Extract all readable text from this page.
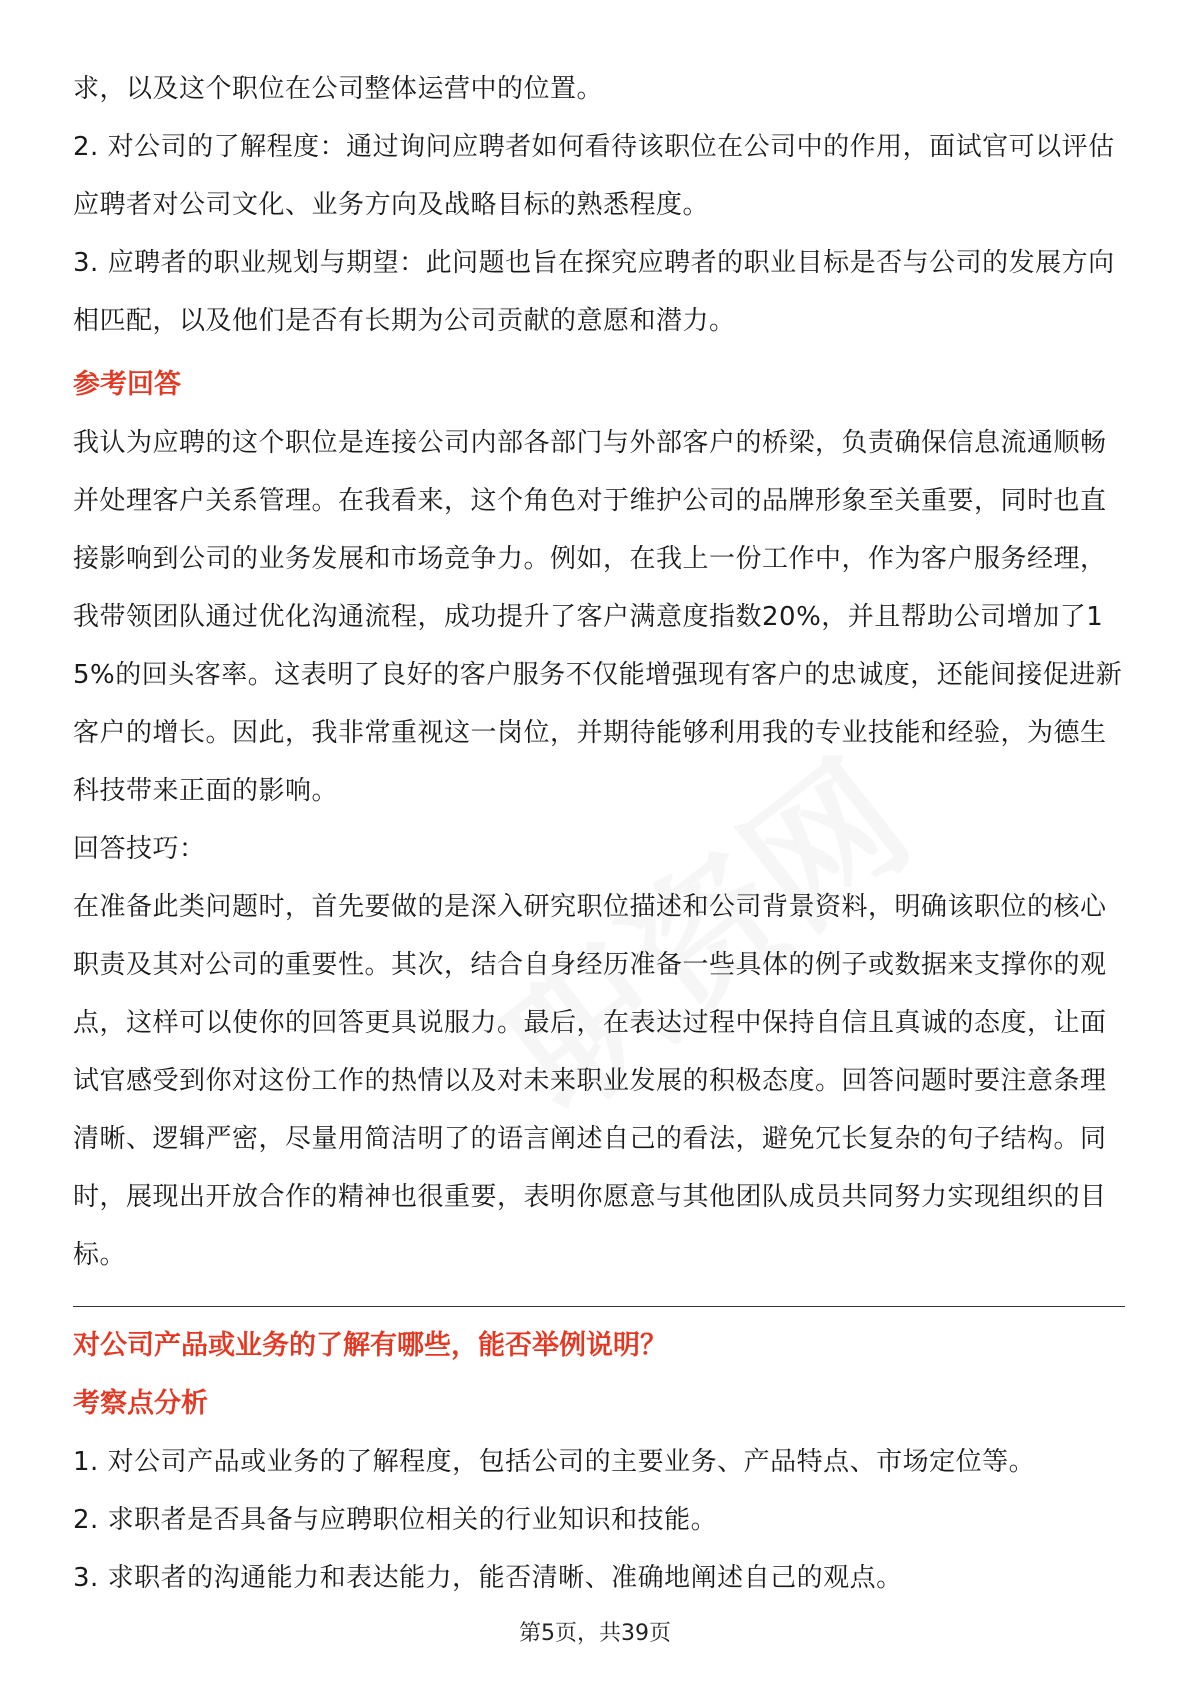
求，以及这个职位在公司整体运营中的位置。

2. 对公司的了解程度：通过询问应聘者如何看待该职位在公司中的作用，面试官可以评估应聘者对公司文化、业务方向及战略目标的熟悉程度。

3. 应聘者的职业规划与期望：此问题也旨在探究应聘者的职业目标是否与公司的发展方向相匹配，以及他们是否有长期为公司贡献的意愿和潜力。

参考回答

我认为应聘的这个职位是连接公司内部各部门与外部客户的桥梁，负责确保信息流通顺畅并处理客户关系管理。在我看来，这个角色对于维护公司的品牌形象至关重要，同时也直接影响到公司的业务发展和市场竞争力。例如，在我上一份工作中，作为客户服务经理，我带领团队通过优化沟通流程，成功提升了客户满意度指数20%，并且帮助公司增加了15%的回头客率。这表明了良好的客户服务不仅能增强现有客户的忠诚度，还能间接促进新客户的增长。因此，我非常重视这一岗位，并期待能够利用我的专业技能和经验，为德生科技带来正面的影响。

回答技巧：

在准备此类问题时，首先要做的是深入研究职位描述和公司背景资料，明确该职位的核心职责及其对公司的重要性。其次，结合自身经历准备一些具体的例子或数据来支撑你的观点，这样可以使你的回答更具说服力。最后，在表达过程中保持自信且真诚的态度，让面试官感受到你对这份工作的热情以及对未来职业发展的积极态度。回答问题时要注意条理清晰、逻辑严密，尽量用简洁明了的语言阐述自己的看法，避免冗长复杂的句子结构。同时，展现出开放合作的精神也很重要，表明你愿意与其他团队成员共同努力实现组织的目标。

对公司产品或业务的了解有哪些，能否举例说明？
考察点分析

1. 对公司产品或业务的了解程度，包括公司的主要业务、产品特点、市场定位等。

2. 求职者是否具备与应聘职位相关的行业知识和技能。

3. 求职者的沟通能力和表达能力，能否清晰、准确地阐述自己的观点。

第5页，共39页
